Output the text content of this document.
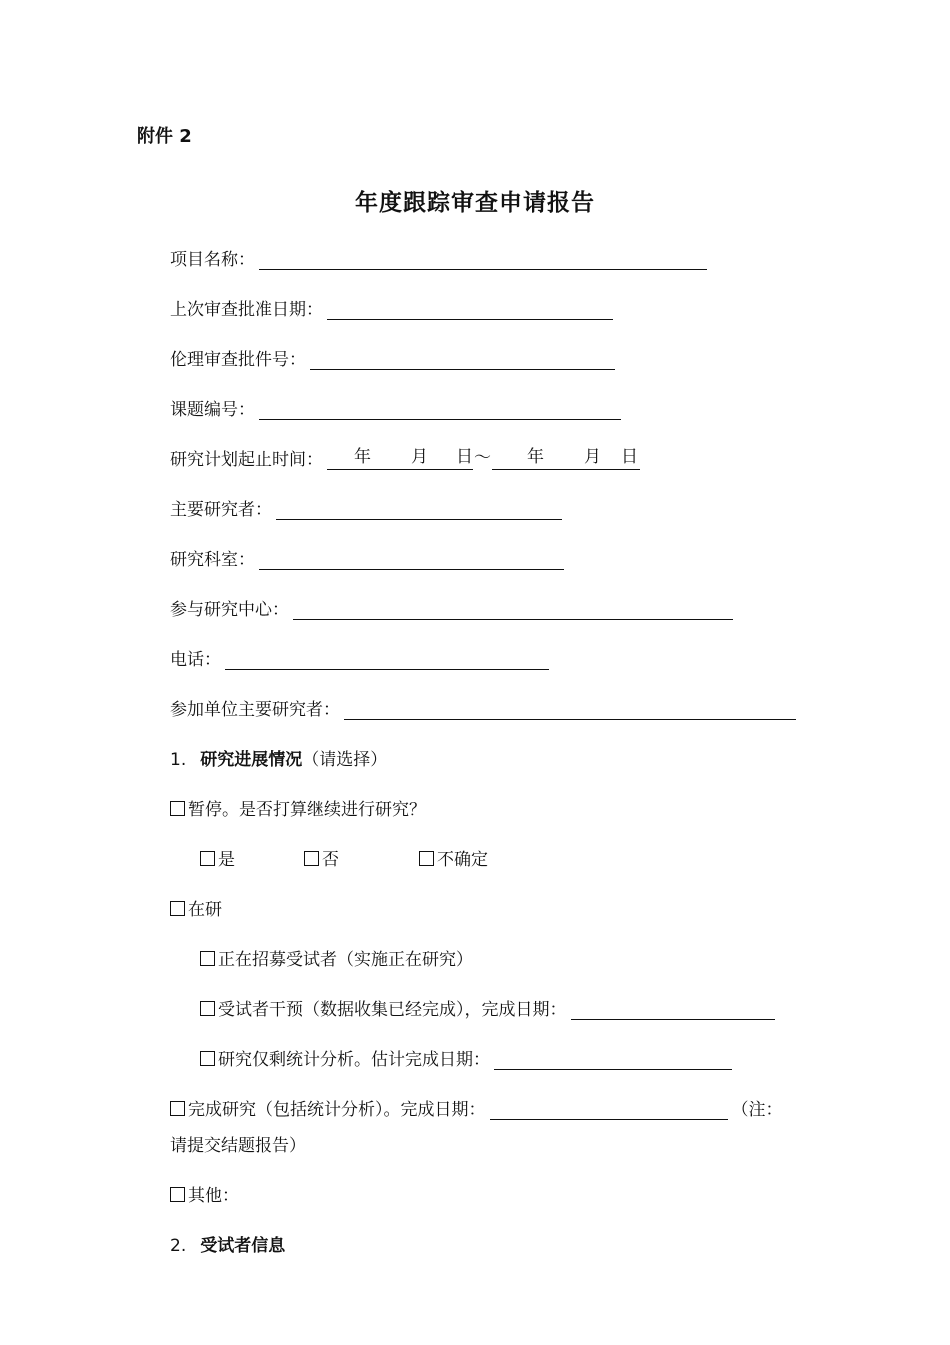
附件 2
年度跟踪审查申请报告
项目名称：
上次审查批准日期：
伦理审查批件号：
课题编号：
研究计划起止时间： 年 月 日 ～ 年 月 日
主要研究者：
研究科室：
参与研究中心：
电话：
参加单位主要研究者：
1. 研究进展情况 （请选择）
暂停。是否打算继续进行研究？
是	否	不确定
在研
正在招募受试者（实施正在研究）
受试者干预（数据收集已经完成），完成日期：
研究仅剩统计分析。估计完成日期：
完成研究（包括统计分析）。完成日期：	（注：
请提交结题报告）
其他：
2. 受试者信息
